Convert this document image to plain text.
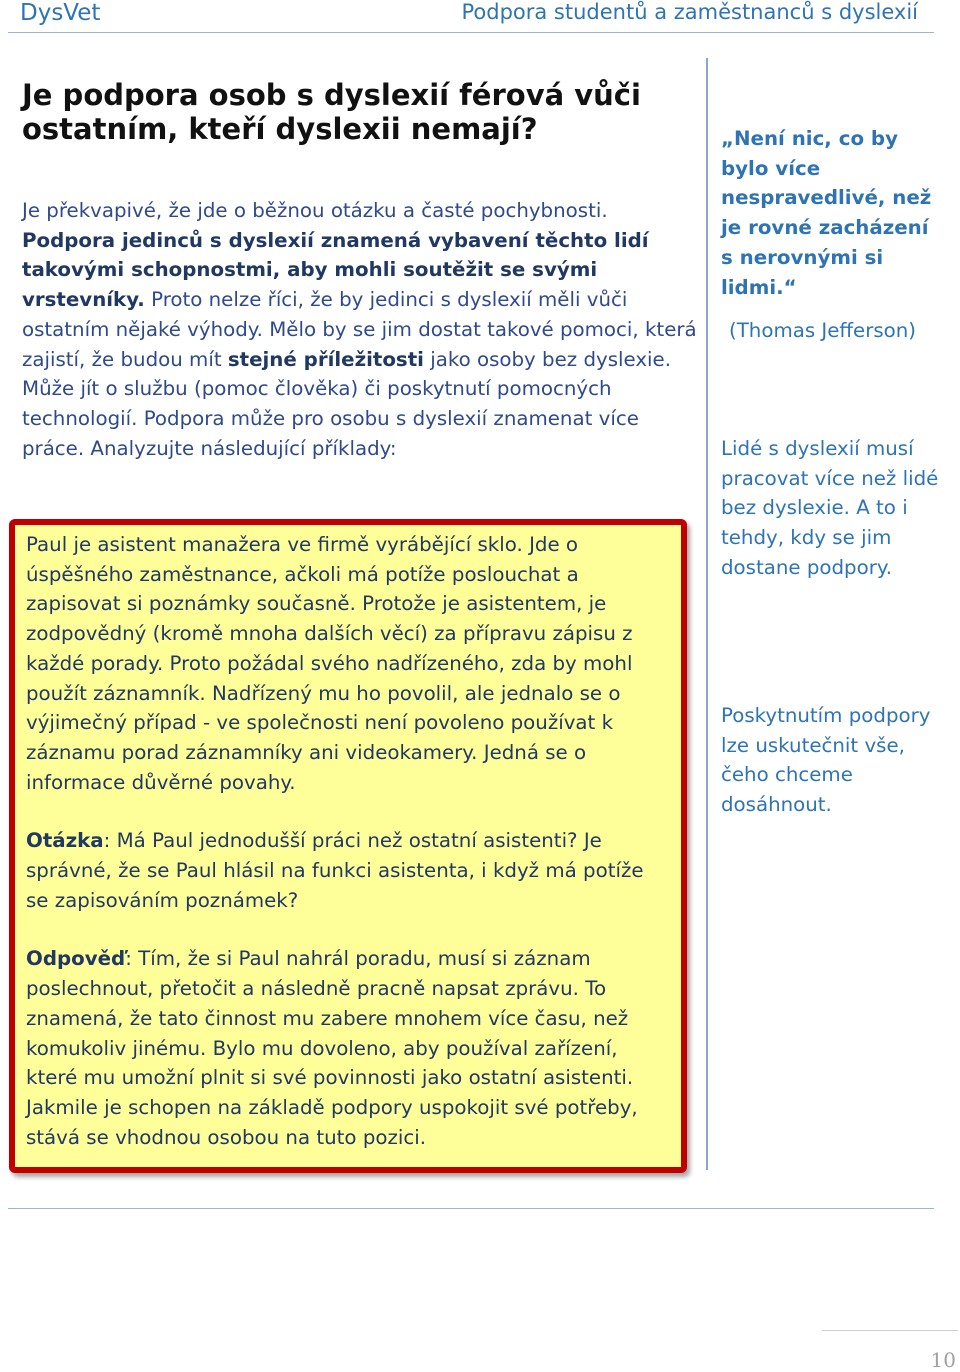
DysVet	Podpora studentů a zaměstnanců s dyslexií
Je podpora osob s dyslexií férová vůči ostatním, kteří dyslexii nemají?
Je překvapivé, že jde o běžnou otázku a časté pochybnosti. Podpora jedinců s dyslexií znamená vybavení těchto lidí takovými schopnostmi, aby mohli soutěžit se svými vrstevníky. Proto nelze říci, že by jedinci s dyslexií měli vůči ostatním nějaké výhody. Mělo by se jim dostat takové pomoci, která zajistí, že budou mít stejné příležitosti jako osoby bez dyslexie. Může jít o službu (pomoc člověka) či poskytnutí pomocných technologií. Podpora může pro osobu s dyslexií znamenat více práce. Analyzujte následující příklady:

Paul je asistent manažera ve firmě vyrábějící sklo. Jde o úspěšného zaměstnance, ačkoli má potíže poslouchat a zapisovat si poznámky současně. Protože je asistentem, je zodpovědný (kromě mnoha dalších věcí) za přípravu zápisu z každé porady. Proto požádal svého nadřízeného, zda by mohl použít záznamník. Nadřízený mu ho povolil, ale jednalo se o výjimečný případ - ve společnosti není povoleno používat k záznamu porad záznamníky ani videokamery. Jedná se o informace důvěrné povahy.

Otázka: Má Paul jednodušší práci než ostatní asistenti? Je správné, že se Paul hlásil na funkci asistenta, i když má potíže se zapisováním poznámek?

Odpověď: Tím, že si Paul nahrál poradu, musí si záznam poslechnout, přetočit a následně pracně napsat zprávu. To znamená, že tato činnost mu zabere mnohem více času, než komukoliv jinému. Bylo mu dovoleno, aby používal zařízení, které mu umožní plnit si své povinnosti jako ostatní asistenti. Jakmile je schopen na základě podpory uspokojit své potřeby, stává se vhodnou osobou na tuto pozici.

„Není nic, co by bylo více nespravedlivé, než je rovné zacházení s nerovnými si lidmi.“
(Thomas Jefferson)
Lidé s dyslexií musí pracovat více než lidé bez dyslexie. A to i tehdy, kdy se jim dostane podpory.
Poskytnutím podpory lze uskutečnit vše, čeho chceme dosáhnout.
10
